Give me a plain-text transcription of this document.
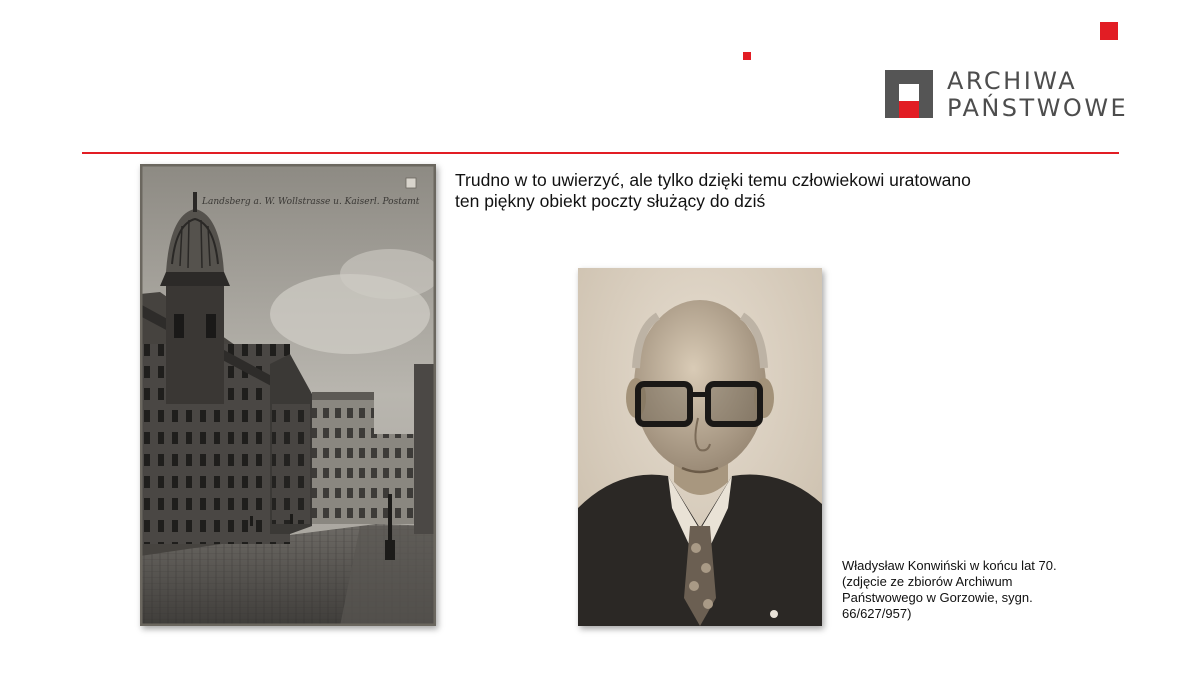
ARCHIWA
PAŃSTWOWE
Landsberg a. W. Wollstrasse u. Kaiserl. Postamt
Trudno w to uwierzyć, ale tylko dzięki temu człowiekowi uratowano
ten piękny obiekt poczty służący do dziś
Władysław Konwiński w końcu lat 70.
(zdjęcie ze zbiorów Archiwum
Państwowego w Gorzowie, sygn.
66/627/957)
